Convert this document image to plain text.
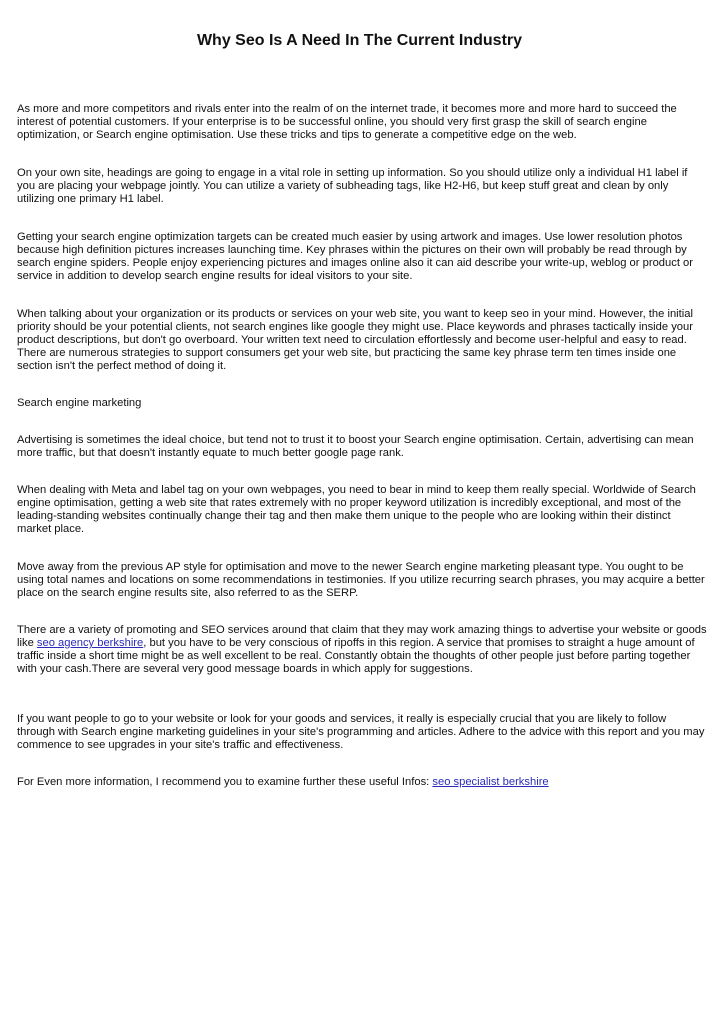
Why Seo Is A Need In The Current Industry

As more and more competitors and rivals enter into the realm of on the internet trade, it becomes more and more hard to succeed the interest of potential customers. If your enterprise is to be successful online, you should very first grasp the skill of search engine optimization, or Search engine optimisation. Use these tricks and tips to generate a competitive edge on the web.

On your own site, headings are going to engage in a vital role in setting up information. So you should utilize only a individual H1 label if you are placing your webpage jointly. You can utilize a variety of subheading tags, like H2-H6, but keep stuff great and clean by only utilizing one primary H1 label.

Getting your search engine optimization targets can be created much easier by using artwork and images. Use lower resolution photos because high definition pictures increases launching time. Key phrases within the pictures on their own will probably be read through by search engine spiders. People enjoy experiencing pictures and images online also it can aid describe your write-up, weblog or product or service in addition to develop search engine results for ideal visitors to your site.

When talking about your organization or its products or services on your web site, you want to keep seo in your mind. However, the initial priority should be your potential clients, not search engines like google they might use. Place keywords and phrases tactically inside your product descriptions, but don't go overboard. Your written text need to circulation effortlessly and become user-helpful and easy to read. There are numerous strategies to support consumers get your web site, but practicing the same key phrase term ten times inside one section isn't the perfect method of doing it.

Search engine marketing

Advertising is sometimes the ideal choice, but tend not to trust it to boost your Search engine optimisation. Certain, advertising can mean more traffic, but that doesn't instantly equate to much better google page rank.

When dealing with Meta and label tag on your own webpages, you need to bear in mind to keep them really special. Worldwide of Search engine optimisation, getting a web site that rates extremely with no proper keyword utilization is incredibly exceptional, and most of the leading-standing websites continually change their tag and then make them unique to the people who are looking within their distinct market place.

Move away from the previous AP style for optimisation and move to the newer Search engine marketing pleasant type. You ought to be using total names and locations on some recommendations in testimonies. If you utilize recurring search phrases, you may acquire a better place on the search engine results site, also referred to as the SERP.

There are a variety of promoting and SEO services around that claim that they may work amazing things to advertise your website or goods like seo agency berkshire, but you have to be very conscious of ripoffs in this region. A service that promises to straight a huge amount of traffic inside a short time might be as well excellent to be real. Constantly obtain the thoughts of other people just before parting together with your cash.There are several very good message boards in which apply for suggestions.

If you want people to go to your website or look for your goods and services, it really is especially crucial that you are likely to follow through with Search engine marketing guidelines in your site's programming and articles. Adhere to the advice with this report and you may commence to see upgrades in your site's traffic and effectiveness.

For Even more information, I recommend you to examine further these useful Infos: seo specialist berkshire
